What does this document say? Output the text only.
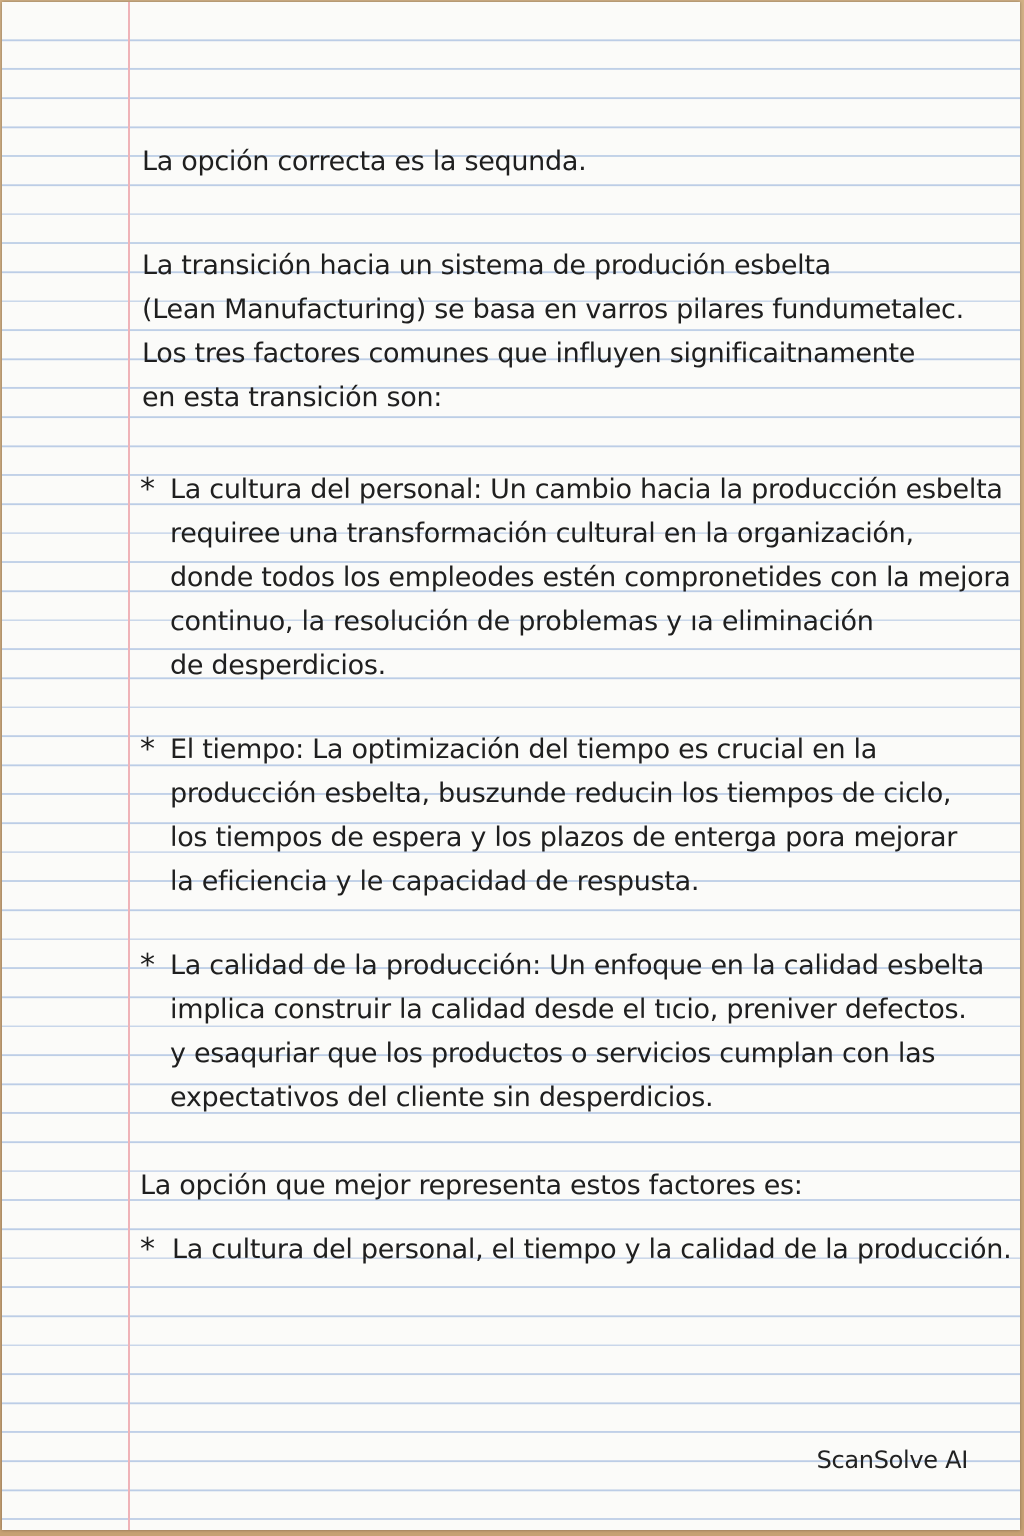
La opción correcta es la sequnda.

La transición hacia un sistema de produción esbelta
(Lean Manufacturing) se basa en varros pilares fundumetalec.
Los tres factores comunes que influyen significaitnamente
en esta transición son:

* La cultura del personal: Un cambio hacia la producción esbelta
requiree una transformación cultural en la organización,
donde todos los empleodes estén compronetides con la mejora
continuo, la resolución de problemas y ıa eliminación
de desperdicios.

* El tiempo: La optimización del tiempo es crucial en la
producción esbelta, buszunde reducin los tiempos de ciclo,
los tiempos de espera y los plazos de enterga pora mejorar
la eficiencia y le capacidad de respusta.

* La calidad de la producción: Un enfoque en la calidad esbelta
implica construir la calidad desde el tıcio, preniver defectos.
y esaquriar que los productos o servicios cumplan con las
expectativos del cliente sin desperdicios.

La opción que mejor representa estos factores es:

* La cultura del personal, el tiempo y la calidad de la producción.

ScanSolve AI
